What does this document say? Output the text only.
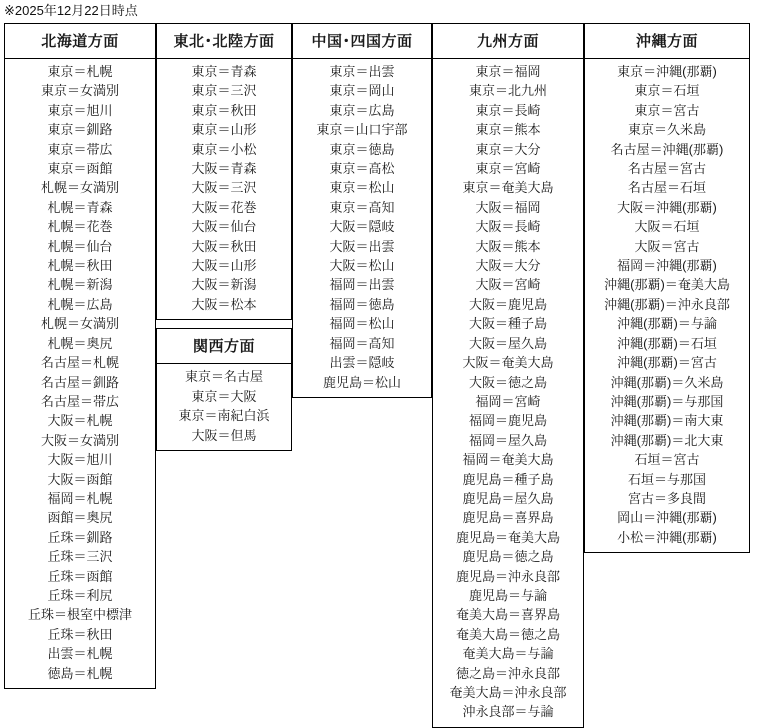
※2025年12月22日時点
北海道方面
東京＝札幌
東京＝女満別
東京＝旭川
東京＝釧路
東京＝帯広
東京＝函館
札幌＝女満別
札幌＝青森
札幌＝花巻
札幌＝仙台
札幌＝秋田
札幌＝新潟
札幌＝広島
札幌＝女満別
札幌＝奥尻
名古屋＝札幌
名古屋＝釧路
名古屋＝帯広
大阪＝札幌
大阪＝女満別
大阪＝旭川
大阪＝函館
福岡＝札幌
函館＝奥尻
丘珠＝釧路
丘珠＝三沢
丘珠＝函館
丘珠＝利尻
丘珠＝根室中標津
丘珠＝秋田
出雲＝札幌
徳島＝札幌
東北･北陸方面
東京＝青森
東京＝三沢
東京＝秋田
東京＝山形
東京＝小松
大阪＝青森
大阪＝三沢
大阪＝花巻
大阪＝仙台
大阪＝秋田
大阪＝山形
大阪＝新潟
大阪＝松本
関西方面
東京＝名古屋
東京＝大阪
東京＝南紀白浜
大阪＝但馬
中国･四国方面
東京＝出雲
東京＝岡山
東京＝広島
東京＝山口宇部
東京＝徳島
東京＝高松
東京＝松山
東京＝高知
大阪＝隠岐
大阪＝出雲
大阪＝松山
福岡＝出雲
福岡＝徳島
福岡＝松山
福岡＝高知
出雲＝隠岐
鹿児島＝松山
九州方面
東京＝福岡
東京＝北九州
東京＝長崎
東京＝熊本
東京＝大分
東京＝宮崎
東京＝奄美大島
大阪＝福岡
大阪＝長崎
大阪＝熊本
大阪＝大分
大阪＝宮崎
大阪＝鹿児島
大阪＝種子島
大阪＝屋久島
大阪＝奄美大島
大阪＝徳之島
福岡＝宮崎
福岡＝鹿児島
福岡＝屋久島
福岡＝奄美大島
鹿児島＝種子島
鹿児島＝屋久島
鹿児島＝喜界島
鹿児島＝奄美大島
鹿児島＝徳之島
鹿児島＝沖永良部
鹿児島＝与論
奄美大島＝喜界島
奄美大島＝徳之島
奄美大島＝与論
徳之島＝沖永良部
奄美大島＝沖永良部
沖永良部＝与論
沖縄方面
東京＝沖縄(那覇)
東京＝石垣
東京＝宮古
東京＝久米島
名古屋＝沖縄(那覇)
名古屋＝宮古
名古屋＝石垣
大阪＝沖縄(那覇)
大阪＝石垣
大阪＝宮古
福岡＝沖縄(那覇)
沖縄(那覇)＝奄美大島
沖縄(那覇)＝沖永良部
沖縄(那覇)＝与論
沖縄(那覇)＝石垣
沖縄(那覇)＝宮古
沖縄(那覇)＝久米島
沖縄(那覇)＝与那国
沖縄(那覇)＝南大東
沖縄(那覇)＝北大東
石垣＝宮古
石垣＝与那国
宮古＝多良間
岡山＝沖縄(那覇)
小松＝沖縄(那覇)
